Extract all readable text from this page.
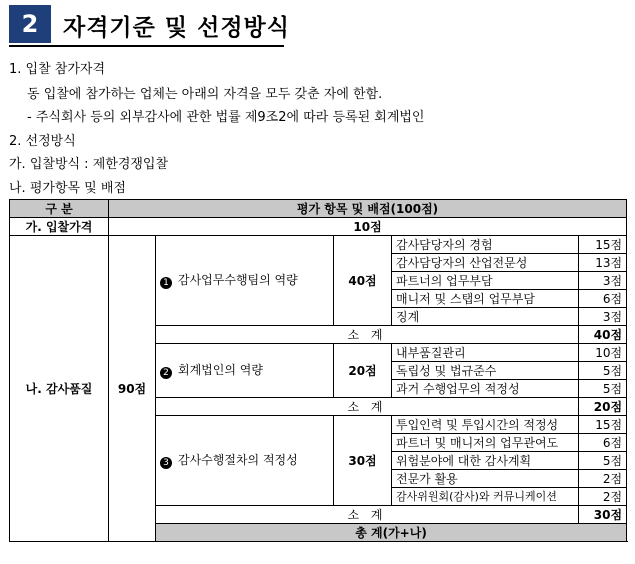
2	자격기준 및 선정방식
1. 입찰 참가자격
동 입찰에 참가하는 업체는 아래의 자격을 모두 갖춘 자에 한함.
- 주식회사 등의 외부감사에 관한 법률 제9조2에 따라 등록된 회계법인
2. 선정방식
가. 입찰방식 : 제한경쟁입찰
나. 평가항목 및 배점
구 분	평가 항목 및 배점(100점)					
가. 입찰가격	10점					
나. 감사품질	90점	1 감사업무수행팀의 역량	40점	감사담당자의 경험	15점	
				감사담당자의 산업전문성	13점	
				파트너의 업무부담	3점	
				매니저 및 스탭의 업무부담	6점	
				징계	3점	
		소 계			40점	
		2 회계법인의 역량	20점	내부품질관리	10점	
				독립성 및 법규준수	5점	
				과거 수행업무의 적정성	5점	
		소 계			20점	
		3 감사수행절차의 적정성	30점	투입인력 및 투입시간의 적정성	15점	
				파트너 및 매니저의 업무관여도	6점	
				위험분야에 대한 감사계획	5점	
				전문가 활용	2점	
				감사위원회(감사)와 커뮤니케이션	2점	
		소 계			30점	
		총 계(가+나)	
